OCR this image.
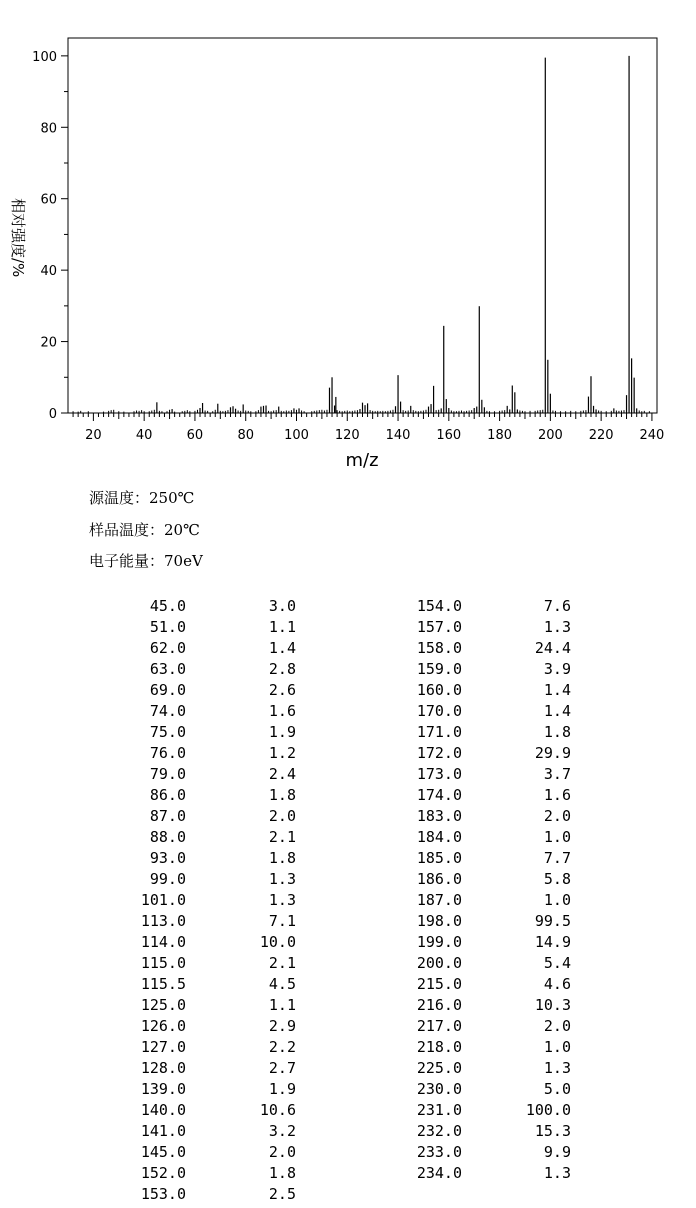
0
20
40
60
80
100
20	40	60	80 100 120 140 160 180 200 220 240
m/z
相对强度/%
源温度：250℃
样品温度：20℃
电子能量：70eV
45.0	3.0
51.0	1.1
62.0	1.4
63.0	2.8
69.0	2.6
74.0	1.6
75.0	1.9
76.0	1.2
79.0	2.4
86.0	1.8
87.0	2.0
88.0	2.1
93.0	1.8
99.0	1.3
101.0	1.3
113.0	7.1
114.0	10.0
115.0	2.1
115.5	4.5
125.0	1.1
126.0	2.9
127.0	2.2
128.0	2.7
139.0	1.9
140.0	10.6
141.0	3.2
145.0	2.0
152.0	1.8
153.0	2.5
154.0	7.6
157.0	1.3
158.0	24.4
159.0	3.9
160.0	1.4
170.0	1.4
171.0	1.8
172.0	29.9
173.0	3.7
174.0	1.6
183.0	2.0
184.0	1.0
185.0	7.7
186.0	5.8
187.0	1.0
198.0	99.5
199.0	14.9
200.0	5.4
215.0	4.6
216.0	10.3
217.0	2.0
218.0	1.0
225.0	1.3
230.0	5.0
231.0	100.0
232.0	15.3
233.0	9.9
234.0	1.3
